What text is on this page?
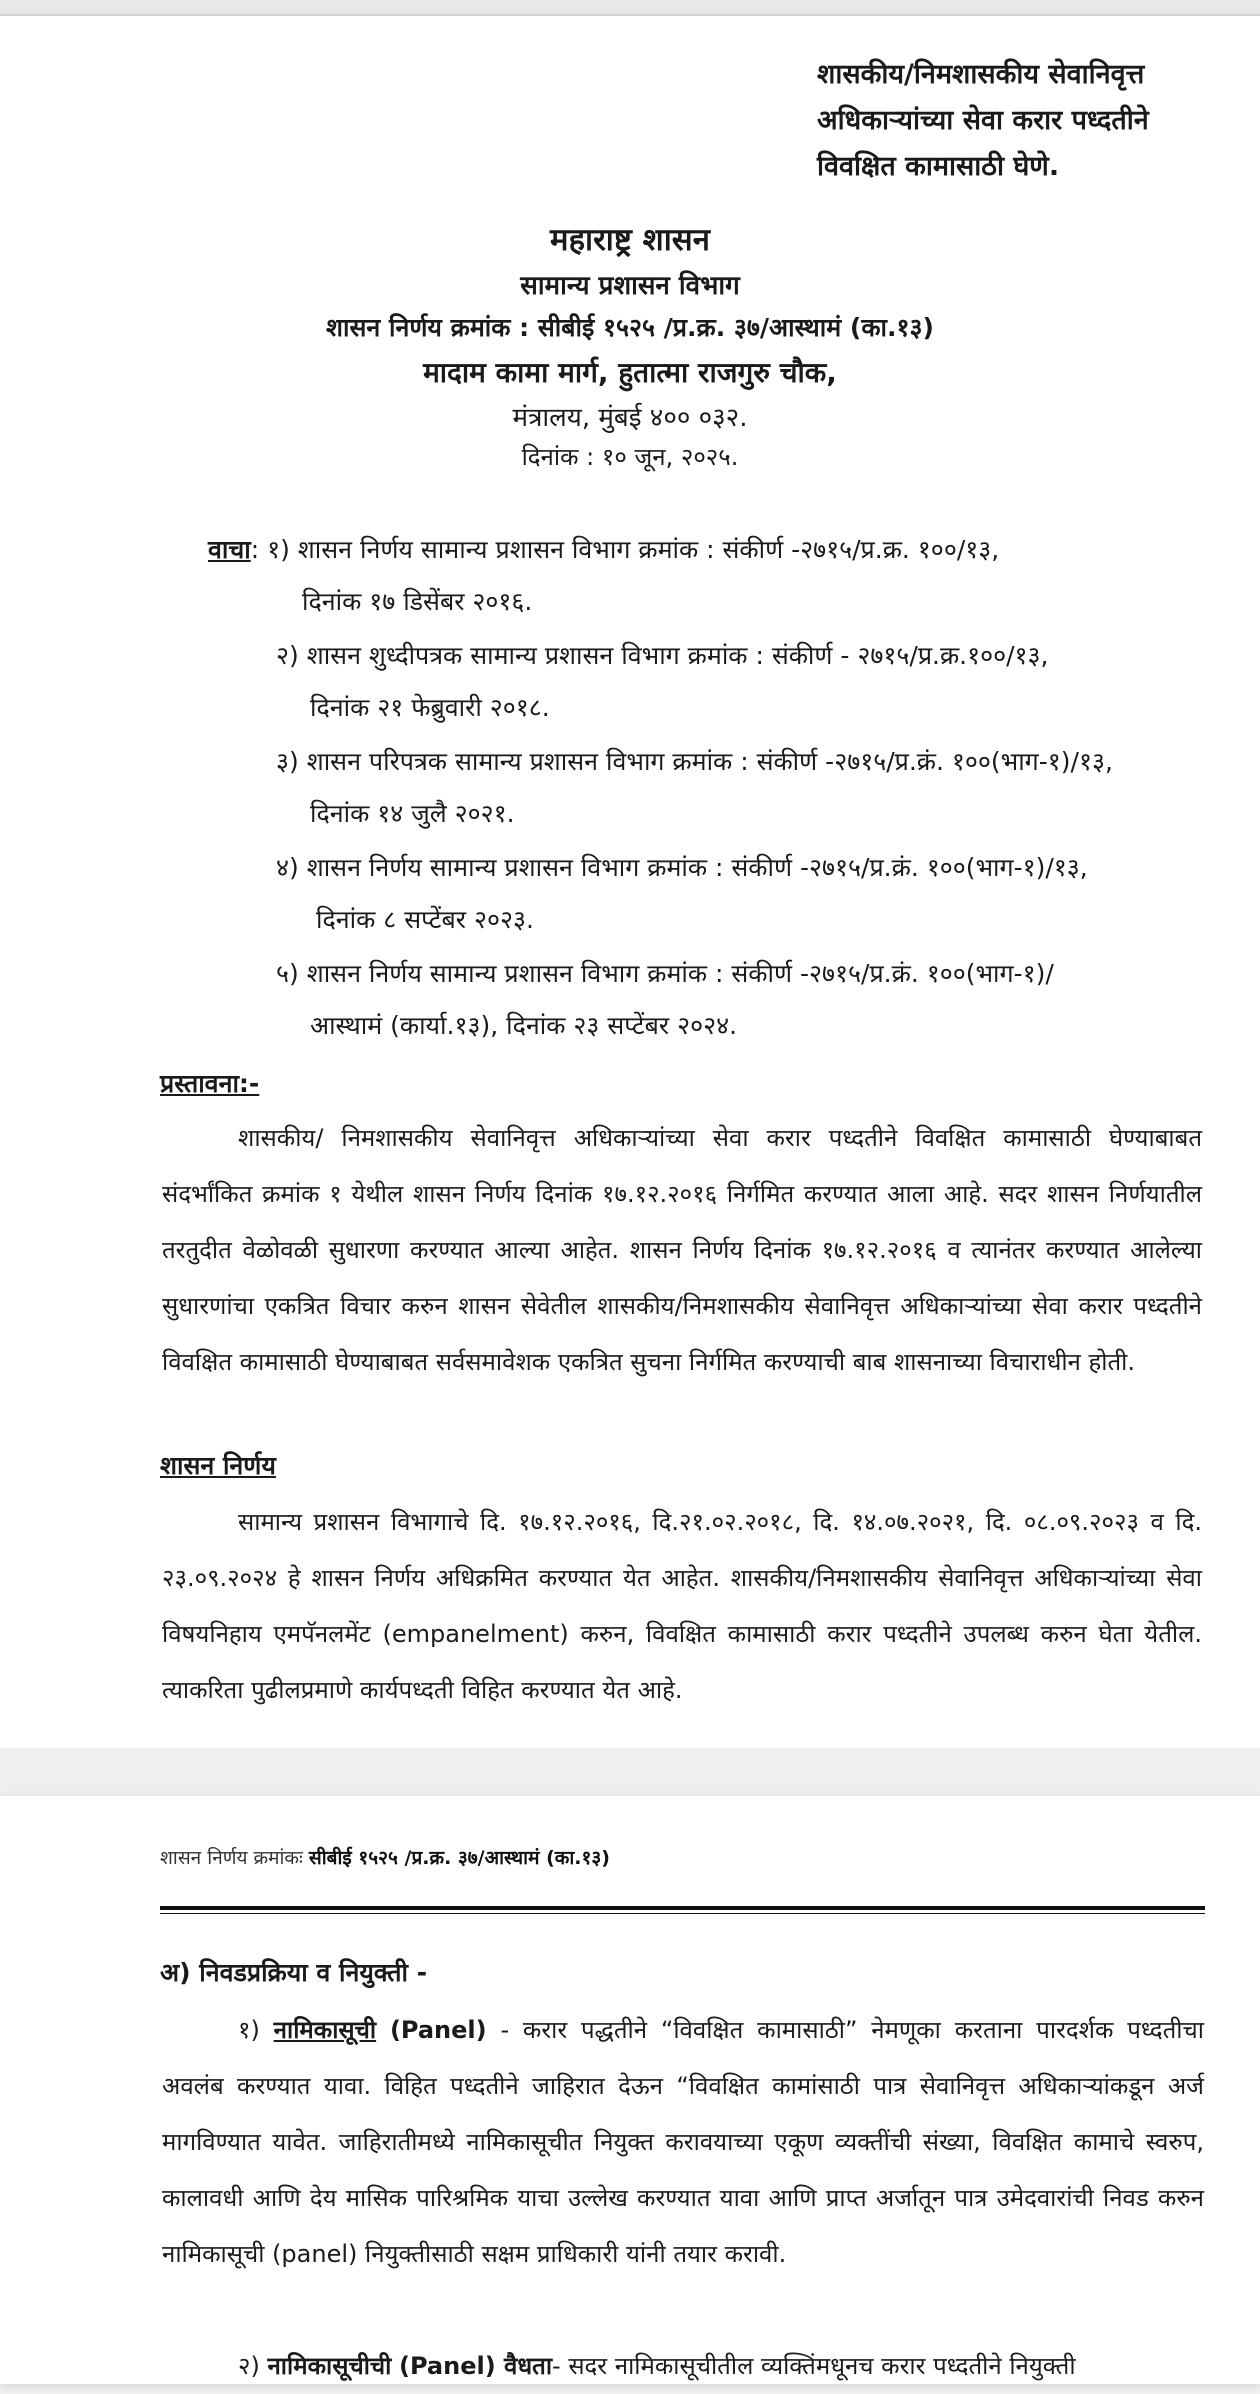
शासकीय/निमशासकीय सेवानिवृत्त
अधिकाऱ्यांच्या सेवा करार पध्दतीने
विवक्षित कामासाठी घेणे.
महाराष्ट्र शासन
सामान्य प्रशासन विभाग
शासन निर्णय क्रमांक : सीबीई १५२५ /प्र.क्र. ३७/आस्थामं (का.१३)
मादाम कामा मार्ग, हुतात्मा राजगुरु चौक,
मंत्रालय, मुंबई ४०० ०३२.
दिनांक : १० जून, २०२५.
वाचा: १) शासन निर्णय सामान्य प्रशासन विभाग क्रमांक : संकीर्ण -२७१५/प्र.क्र. १००/१३,
दिनांक १७ डिसेंबर २०१६.
२) शासन शुध्दीपत्रक सामान्य प्रशासन विभाग क्रमांक : संकीर्ण - २७१५/प्र.क्र.१००/१३,
दिनांक २१ फेब्रुवारी २०१८.
३) शासन परिपत्रक सामान्य प्रशासन विभाग क्रमांक : संकीर्ण -२७१५/प्र.क्रं. १००(भाग-१)/१३,
दिनांक १४ जुलै २०२१.
४) शासन निर्णय सामान्य प्रशासन विभाग क्रमांक : संकीर्ण -२७१५/प्र.क्रं. १००(भाग-१)/१३,
दिनांक ८ सप्टेंबर २०२३.
५) शासन निर्णय सामान्य प्रशासन विभाग क्रमांक : संकीर्ण -२७१५/प्र.क्रं. १००(भाग-१)/
आस्थामं (कार्या.१३), दिनांक २३ सप्टेंबर २०२४.
प्रस्तावना:-
शासकीय/ निमशासकीय सेवानिवृत्त अधिकाऱ्यांच्या सेवा करार पध्दतीने विवक्षित कामासाठी घेण्याबाबत संदर्भांकित क्रमांक १ येथील शासन निर्णय दिनांक १७.१२.२०१६ निर्गमित करण्यात आला आहे. सदर शासन निर्णयातील तरतुदीत वेळोवळी सुधारणा करण्यात आल्या आहेत. शासन निर्णय दिनांक १७.१२.२०१६ व त्यानंतर करण्यात आलेल्या सुधारणांचा एकत्रित विचार करुन शासन सेवेतील शासकीय/निमशासकीय सेवानिवृत्त अधिकाऱ्यांच्या सेवा करार पध्दतीने विवक्षित कामासाठी घेण्याबाबत सर्वसमावेशक एकत्रित सुचना निर्गमित करण्याची बाब शासनाच्या विचाराधीन होती.
शासन निर्णय
सामान्य प्रशासन विभागाचे दि. १७.१२.२०१६, दि.२१.०२.२०१८, दि. १४.०७.२०२१, दि. ०८.०९.२०२३ व दि. २३.०९.२०२४ हे शासन निर्णय अधिक्रमित करण्यात येत आहेत. शासकीय/निमशासकीय सेवानिवृत्त अधिकाऱ्यांच्या सेवा विषयनिहाय एमपॅनलमेंट (empanelment) करुन, विवक्षित कामासाठी करार पध्दतीने उपलब्ध करुन घेता येतील. त्याकरिता पुढीलप्रमाणे कार्यपध्दती विहित करण्यात येत आहे.
शासन निर्णय क्रमांकः सीबीई १५२५ /प्र.क्र. ३७/आस्थामं (का.१३)
अ) निवडप्रक्रिया व नियुक्ती -
१) नामिकासूची (Panel) - करार पद्धतीने “विवक्षित कामासाठी” नेमणूका करताना पारदर्शक पध्दतीचा अवलंब करण्यात यावा. विहित पध्दतीने जाहिरात देऊन “विवक्षित कामांसाठी पात्र सेवानिवृत्त अधिकाऱ्यांकडून अर्ज मागविण्यात यावेत. जाहिरातीमध्ये नामिकासूचीत नियुक्त करावयाच्या एकूण व्यक्तींची संख्या, विवक्षित कामाचे स्वरुप, कालावधी आणि देय मासिक पारिश्रमिक याचा उल्लेख करण्यात यावा आणि प्राप्त अर्जातून पात्र उमेदवारांची निवड करुन नामिकासूची (panel) नियुक्तीसाठी सक्षम प्राधिकारी यांनी तयार करावी.
२) नामिकासूचीची (Panel) वैधता- सदर नामिकासूचीतील व्यक्तिंमधूनच करार पध्दतीने नियुक्ती
